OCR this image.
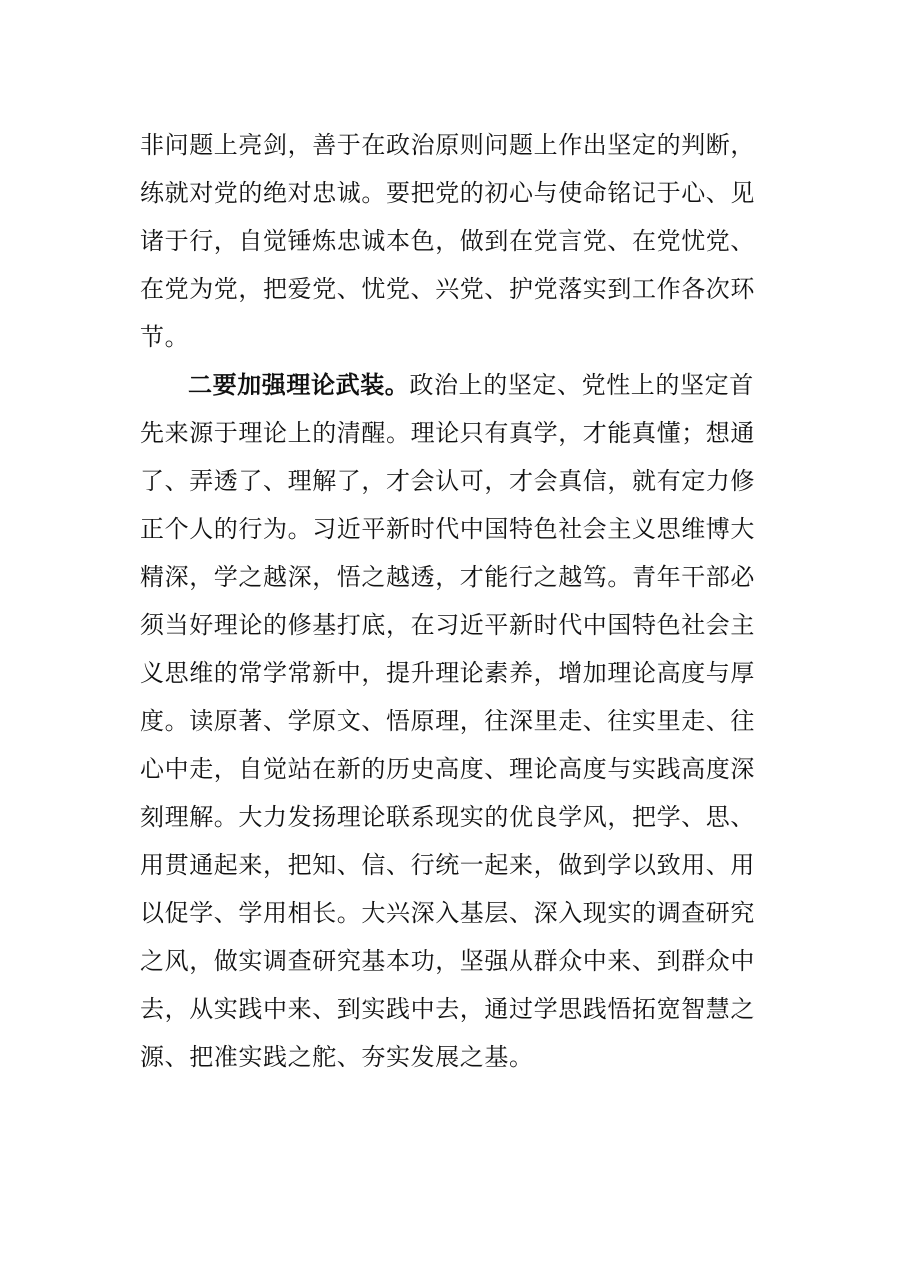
非问题上亮剑，善于在政治原则问题上作出坚定的判断，
练就对党的绝对忠诚。要把党的初心与使命铭记于心、见
诸于行，自觉锤炼忠诚本色，做到在党言党、在党忧党、
在党为党，把爱党、忧党、兴党、护党落实到工作各次环
节。
二要加强理论武装。政治上的坚定、党性上的坚定首
先来源于理论上的清醒。理论只有真学，才能真懂；想通
了、弄透了、理解了，才会认可，才会真信，就有定力修
正个人的行为。习近平新时代中国特色社会主义思维博大
精深，学之越深，悟之越透，才能行之越笃。青年干部必
须当好理论的修基打底，在习近平新时代中国特色社会主
义思维的常学常新中，提升理论素养，增加理论高度与厚
度。读原著、学原文、悟原理，往深里走、往实里走、往
心中走，自觉站在新的历史高度、理论高度与实践高度深
刻理解。大力发扬理论联系现实的优良学风，把学、思、
用贯通起来，把知、信、行统一起来，做到学以致用、用
以促学、学用相长。大兴深入基层、深入现实的调查研究
之风，做实调查研究基本功，坚强从群众中来、到群众中
去，从实践中来、到实践中去，通过学思践悟拓宽智慧之
源、把准实践之舵、夯实发展之基。
